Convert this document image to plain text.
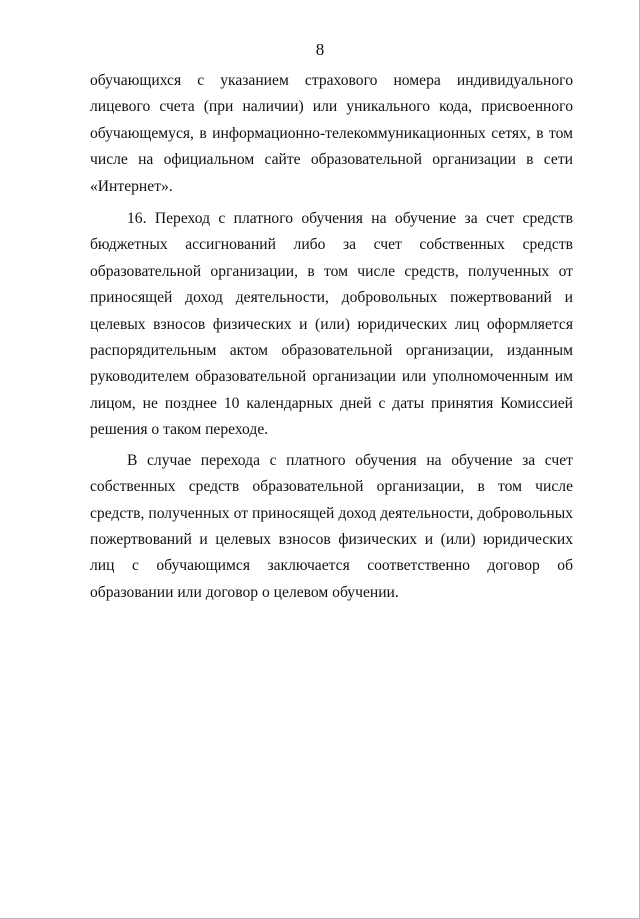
8

обучающихся с указанием страхового номера индивидуального лицевого счета (при наличии) или уникального кода, присвоенного обучающемуся, в информационно-телекоммуникационных сетях, в том числе на официальном сайте образовательной организации в сети «Интернет».

16. Переход с платного обучения на обучение за счет средств бюджетных ассигнований либо за счет собственных средств образовательной организации, в том числе средств, полученных от приносящей доход деятельности, добровольных пожертвований и целевых взносов физических и (или) юридических лиц оформляется распорядительным актом образовательной организации, изданным руководителем образовательной организации или уполномоченным им лицом, не позднее 10 календарных дней с даты принятия Комиссией решения о таком переходе.

В случае перехода с платного обучения на обучение за счет собственных средств образовательной организации, в том числе средств, полученных от приносящей доход деятельности, добровольных пожертвований и целевых взносов физических и (или) юридических лиц с обучающимся заключается соответственно договор об образовании или договор о целевом обучении.
